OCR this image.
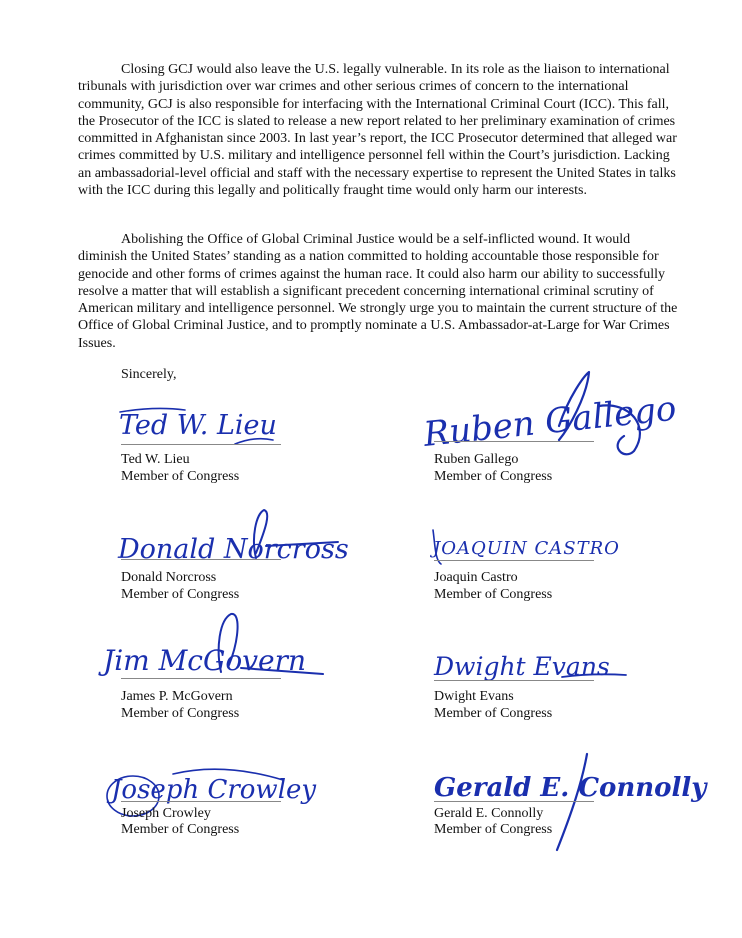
Closing GCJ would also leave the U.S. legally vulnerable. In its role as the liaison to international tribunals with jurisdiction over war crimes and other serious crimes of concern to the international community, GCJ is also responsible for interfacing with the International Criminal Court (ICC). This fall, the Prosecutor of the ICC is slated to release a new report related to her preliminary examination of crimes committed in Afghanistan since 2003. In last year’s report, the ICC Prosecutor determined that alleged war crimes committed by U.S. military and intelligence personnel fell within the Court’s jurisdiction. Lacking an ambassadorial-level official and staff with the necessary expertise to represent the United States in talks with the ICC during this legally and politically fraught time would only harm our interests.

Abolishing the Office of Global Criminal Justice would be a self-inflicted wound. It would diminish the United States’ standing as a nation committed to holding accountable those responsible for genocide and other forms of crimes against the human race. It could also harm our ability to successfully resolve a matter that will establish a significant precedent concerning international criminal scrutiny of American military and intelligence personnel. We strongly urge you to maintain the current structure of the Office of Global Criminal Justice, and to promptly nominate a U.S. Ambassador-at-Large for War Crimes Issues.

Sincerely,
Ted W. Lieu
Ted W. Lieu
Member of Congress
Ruben Gallego
Ruben Gallego
Member of Congress
Donald Norcross
Donald Norcross
Member of Congress
JOAQUIN CASTRO
Joaquin Castro
Member of Congress
Jim McGovern
James P. McGovern
Member of Congress
Dwight Evans
Dwight Evans
Member of Congress
Joseph Crowley
Joseph Crowley
Member of Congress
Gerald E. Connolly
Gerald E. Connolly
Member of Congress
